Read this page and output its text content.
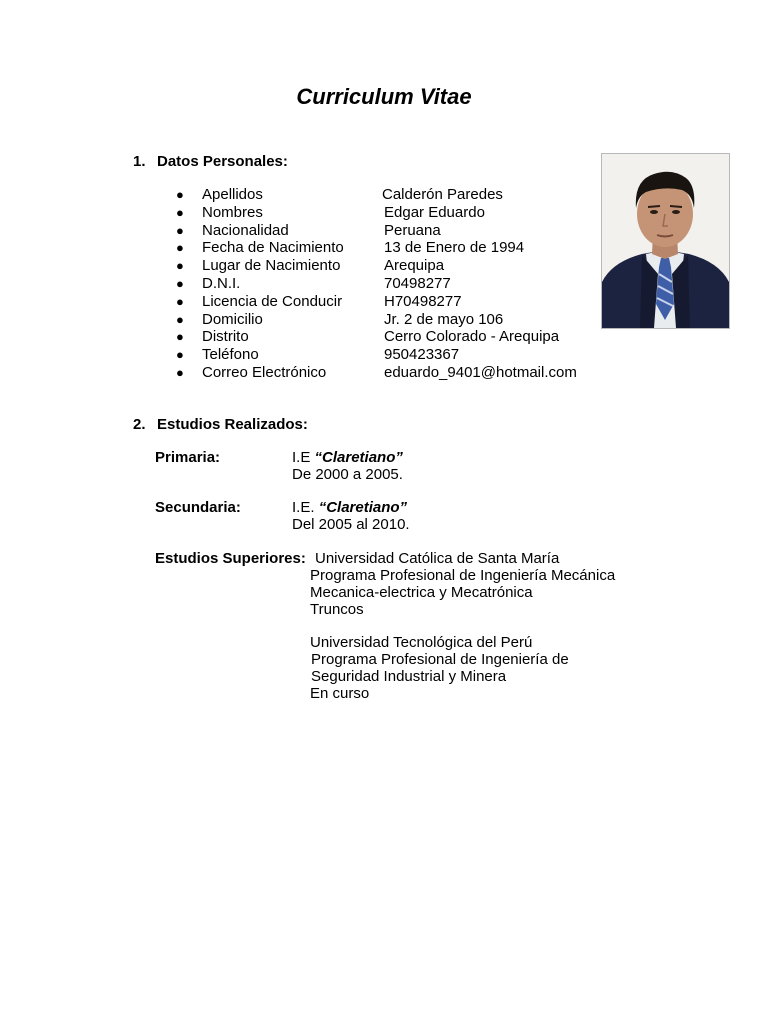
Curriculum Vitae
1. Datos Personales:
● Apellidos	Calderón Paredes
● Nombres	Edgar Eduardo
● Nacionalidad	Peruana
● Fecha de Nacimiento	13 de Enero de 1994
● Lugar de Nacimiento	Arequipa
● D.N.I.	70498277
● Licencia de Conducir	H70498277
● Domicilio	Jr. 2 de mayo 106
● Distrito	Cerro Colorado - Arequipa
● Teléfono	950423367
● Correo Electrónico	eduardo_9401@hotmail.com
2. Estudios Realizados:
Primaria:	I.E “Claretiano”
De 2000 a 2005.
Secundaria:	I.E. “Claretiano”
Del 2005 al 2010.
Estudios Superiores: Universidad Católica de Santa María
Programa Profesional de Ingeniería Mecánica
Mecanica-electrica y Mecatrónica
Truncos
Universidad Tecnológica del Perú
Programa Profesional de Ingeniería de
Seguridad Industrial y Minera
En curso
